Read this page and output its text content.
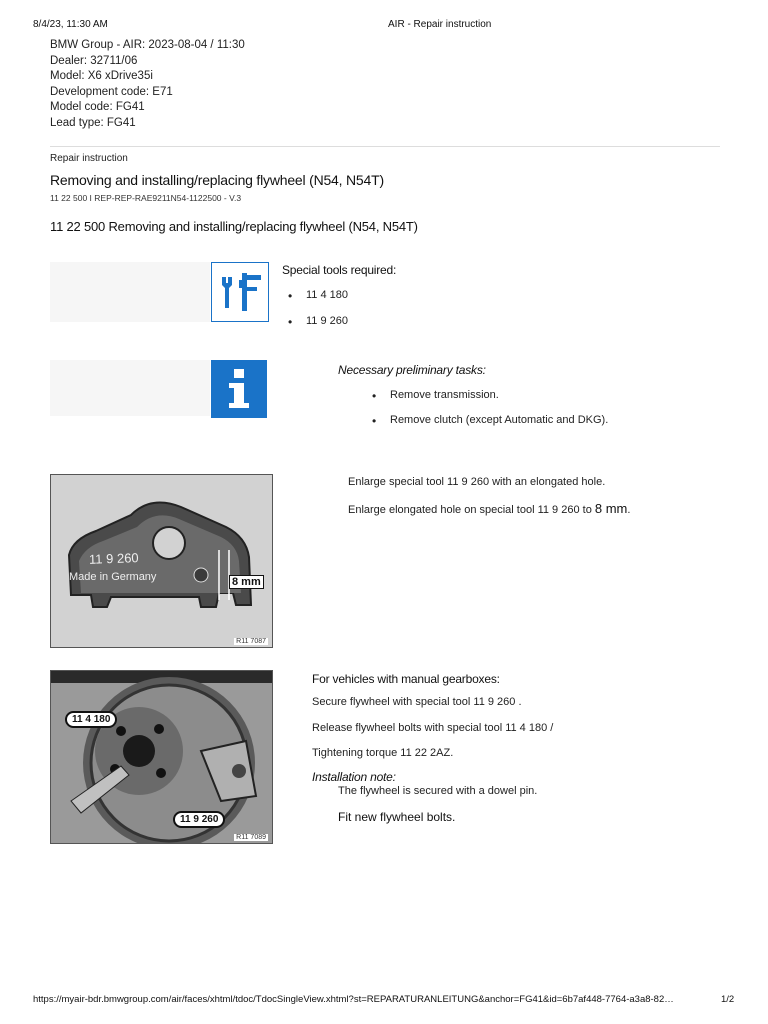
8/4/23, 11:30 AM	AIR - Repair instruction
BMW Group - AIR: 2023-08-04 / 11:30
Dealer: 32711/06
Model: X6 xDrive35i
Development code: E71
Model code: FG41
Lead type: FG41
Repair instruction
Removing and installing/replacing flywheel (N54, N54T)
11 22 500 I REP-REP-RAE9211N54-1122500 - V.3
11 22 500 Removing and installing/replacing flywheel (N54, N54T)
Special tools required:
• 11 4 180
• 11 9 260
Necessary preliminary tasks:
• Remove transmission.
• Remove clutch (except Automatic and DKG).
11 9 260
Made in Germany	8 mm
R11 7087
Enlarge special tool 11 9 260 with an elongated hole.
Enlarge elongated hole on special tool 11 9 260 to 8 mm.
11 4 180
11 9 260
R11 7089
For vehicles with manual gearboxes:
Secure flywheel with special tool 11 9 260 .
Release flywheel bolts with special tool 11 4 180 /
Tightening torque 11 22 2AZ.
Installation note:
The flywheel is secured with a dowel pin.
Fit new flywheel bolts.
https://myair-bdr.bmwgroup.com/air/faces/xhtml/tdoc/TdocSingleView.xhtml?st=REPARATURANLEITUNG&anchor=FG41&id=6b7af448-7764-a3a8-82…	1/2
